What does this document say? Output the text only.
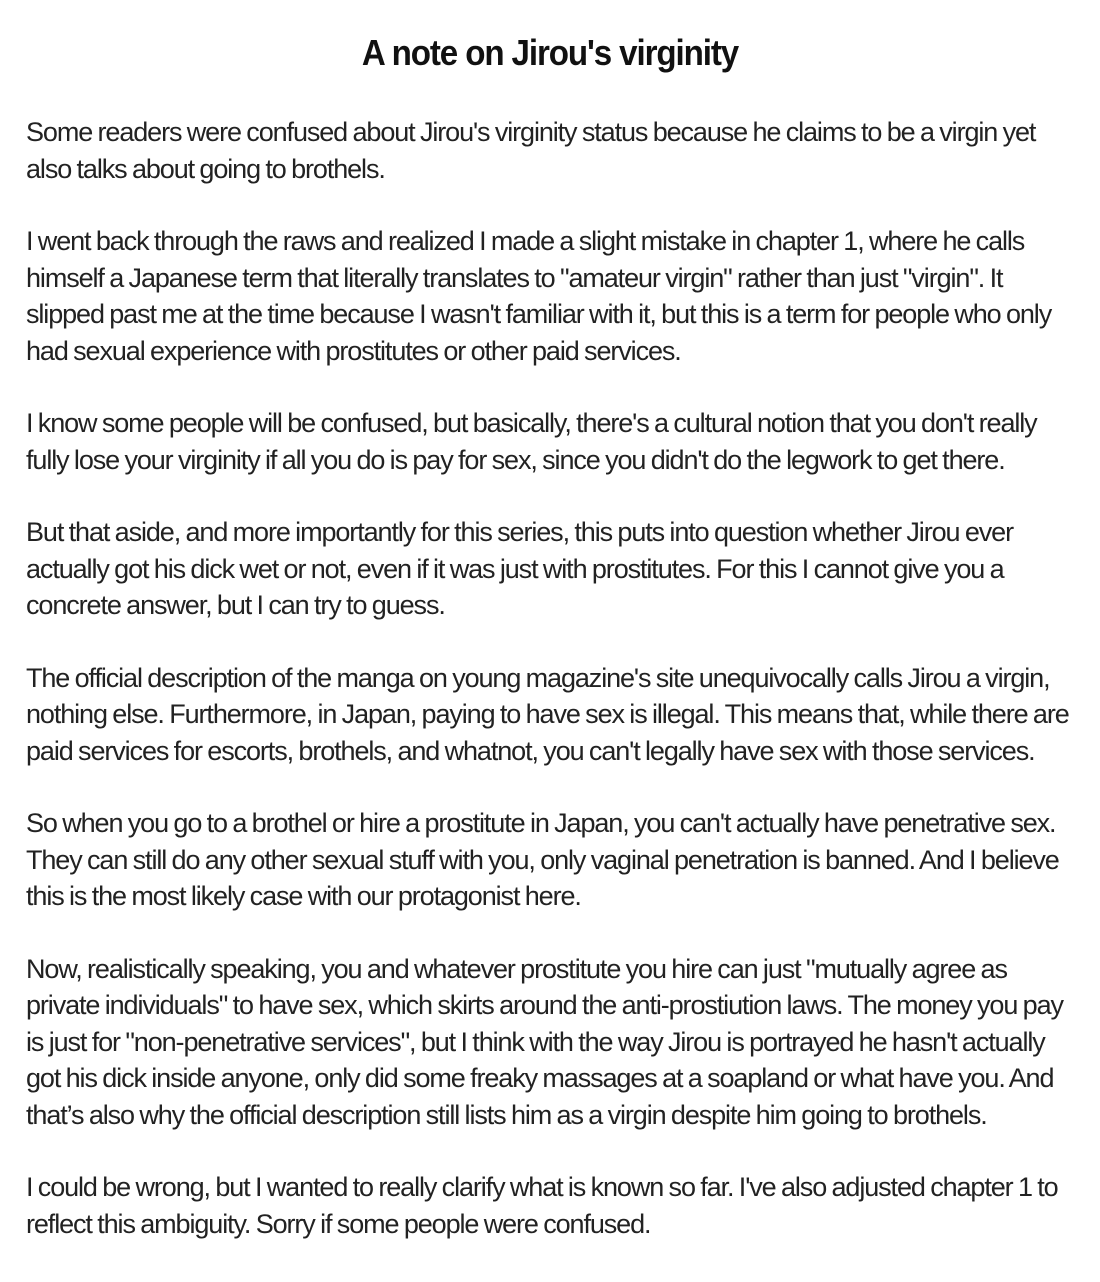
A note on Jirou's virginity

Some readers were confused about Jirou's virginity status because he claims to be a virgin yet also talks about going to brothels.

I went back through the raws and realized I made a slight mistake in chapter 1, where he calls himself a Japanese term that literally translates to "amateur virgin" rather than just "virgin". It slipped past me at the time because I wasn't familiar with it, but this is a term for people who only had sexual experience with prostitutes or other paid services.

I know some people will be confused, but basically, there's a cultural notion that you don't really fully lose your virginity if all you do is pay for sex, since you didn't do the legwork to get there.

But that aside, and more importantly for this series, this puts into question whether Jirou ever actually got his dick wet or not, even if it was just with prostitutes. For this I cannot give you a concrete answer, but I can try to guess.

The official description of the manga on young magazine's site unequivocally calls Jirou a virgin, nothing else. Furthermore, in Japan, paying to have sex is illegal. This means that, while there are paid services for escorts, brothels, and whatnot, you can't legally have sex with those services.

So when you go to a brothel or hire a prostitute in Japan, you can't actually have penetrative sex. They can still do any other sexual stuff with you, only vaginal penetration is banned. And I believe this is the most likely case with our protagonist here.

Now, realistically speaking, you and whatever prostitute you hire can just "mutually agree as private individuals" to have sex, which skirts around the anti-prostiution laws. The money you pay is just for "non-penetrative services", but I think with the way Jirou is portrayed he hasn't actually got his dick inside anyone, only did some freaky massages at a soapland or what have you. And that’s also why the official description still lists him as a virgin despite him going to brothels.

I could be wrong, but I wanted to really clarify what is known so far. I've also adjusted chapter 1 to reflect this ambiguity. Sorry if some people were confused.
